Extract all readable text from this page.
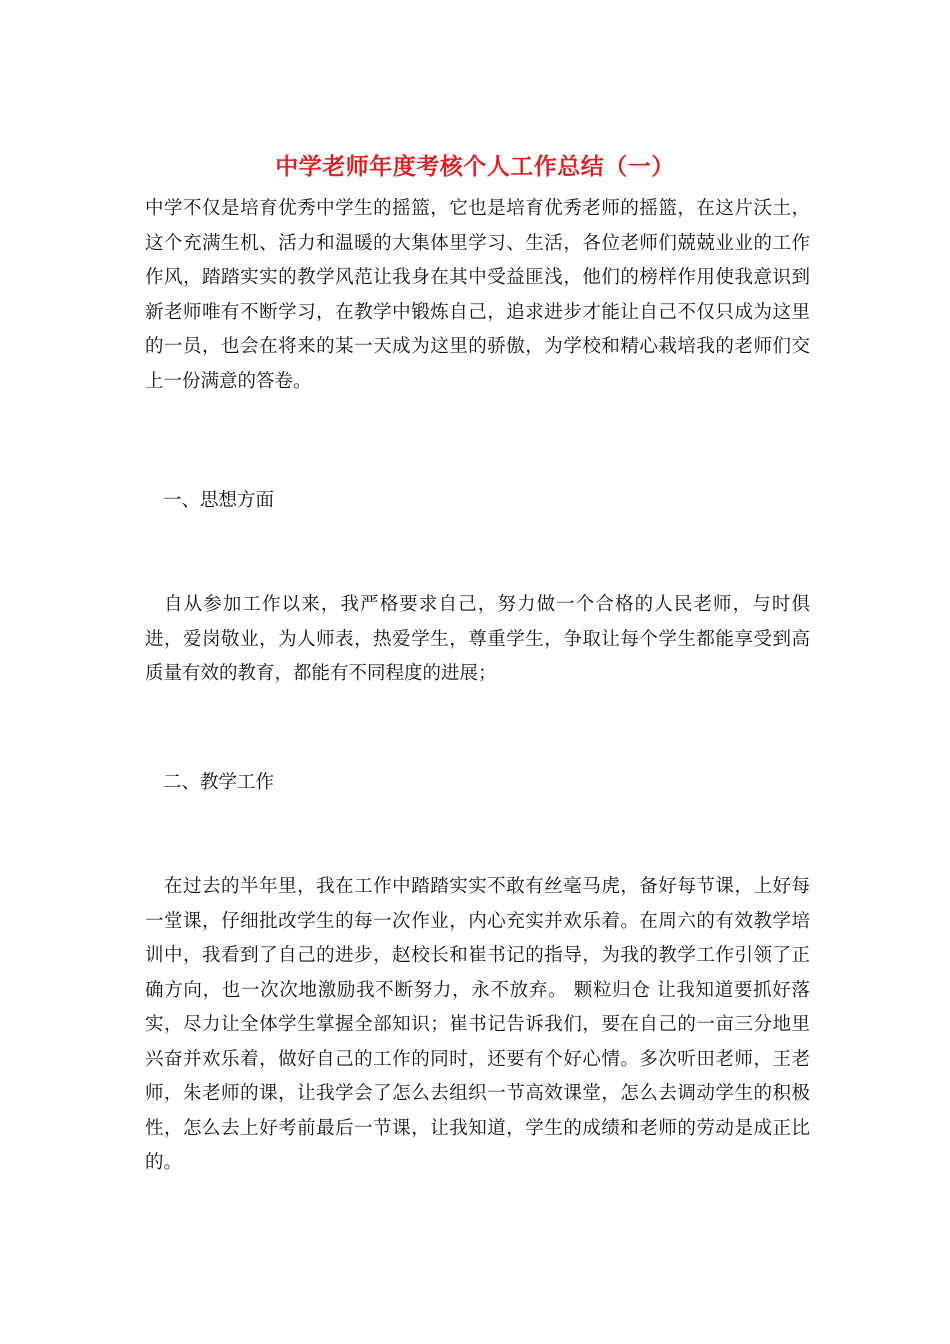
中学老师年度考核个人工作总结（一）

中学不仅是培育优秀中学生的摇篮，它也是培育优秀老师的摇篮，在这片沃土，这个充满生机、活力和温暖的大集体里学习、生活，各位老师们兢兢业业的工作作风，踏踏实实的教学风范让我身在其中受益匪浅，他们的榜样作用使我意识到新老师唯有不断学习，在教学中锻炼自己，追求进步才能让自己不仅只成为这里的一员，也会在将来的某一天成为这里的骄傲，为学校和精心栽培我的老师们交上一份满意的答卷。

一、思想方面

自从参加工作以来，我严格要求自己，努力做一个合格的人民老师，与时俱进，爱岗敬业，为人师表，热爱学生，尊重学生，争取让每个学生都能享受到高质量有效的教育，都能有不同程度的进展；

二、教学工作

在过去的半年里，我在工作中踏踏实实不敢有丝毫马虎，备好每节课，上好每一堂课，仔细批改学生的每一次作业，内心充实并欢乐着。在周六的有效教学培训中，我看到了自己的进步，赵校长和崔书记的指导，为我的教学工作引领了正确方向，也一次次地激励我不断努力，永不放弃。 颗粒归仓 让我知道要抓好落实，尽力让全体学生掌握全部知识；崔书记告诉我们，要在自己的一亩三分地里兴奋并欢乐着，做好自己的工作的同时，还要有个好心情。多次听田老师，王老师，朱老师的课，让我学会了怎么去组织一节高效课堂，怎么去调动学生的积极性，怎么去上好考前最后一节课，让我知道，学生的成绩和老师的劳动是成正比的。
